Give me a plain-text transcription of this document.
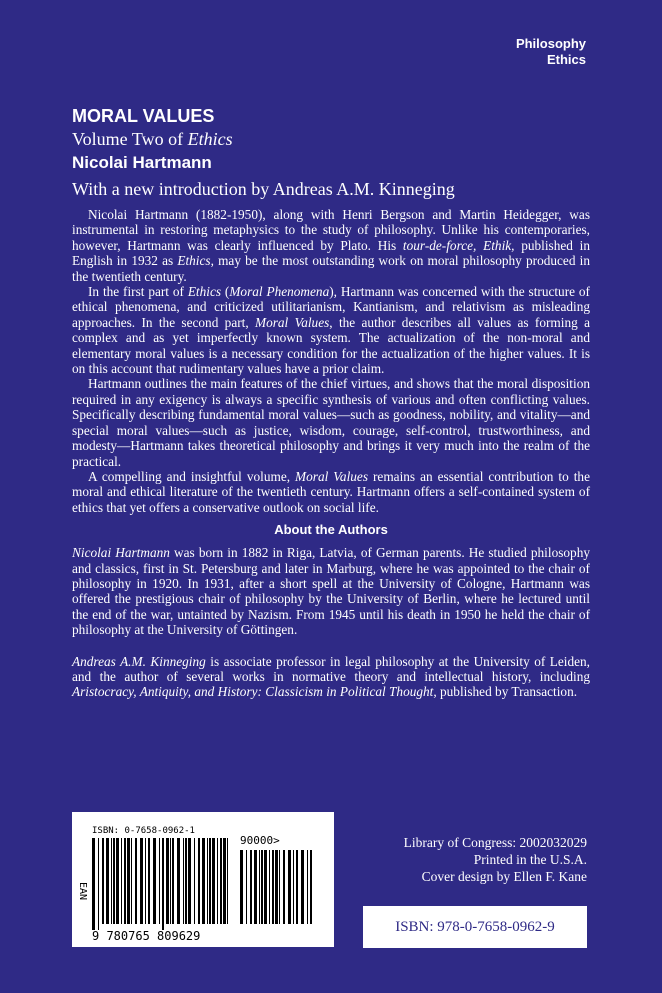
Philosophy
Ethics

MORAL VALUES

Volume Two of Ethics

Nicolai Hartmann

With a new introduction by Andreas A.M. Kinneging

Nicolai Hartmann (1882-1950), along with Henri Bergson and Martin Heidegger, was instrumental in restoring metaphysics to the study of philosophy. Unlike his contemporaries, however, Hartmann was clearly influenced by Plato. His tour-de-force, Ethik, published in English in 1932 as Ethics, may be the most outstanding work on moral philosophy produced in the twentieth century.

In the first part of Ethics (Moral Phenomena), Hartmann was concerned with the structure of ethical phenomena, and criticized utilitarianism, Kantianism, and relativism as misleading approaches. In the second part, Moral Values, the author describes all values as forming a complex and as yet imperfectly known system. The actualization of the non-moral and elementary moral values is a necessary condition for the actualization of the higher values. It is on this account that rudimentary values have a prior claim.

Hartmann outlines the main features of the chief virtues, and shows that the moral disposition required in any exigency is always a specific synthesis of various and often conflicting values. Specifically describing fundamental moral values—such as goodness, nobility, and vitality—and special moral values—such as justice, wisdom, courage, self-control, trustworthiness, and modesty—Hartmann takes theoretical philosophy and brings it very much into the realm of the practical.

A compelling and insightful volume, Moral Values remains an essential contribution to the moral and ethical literature of the twentieth century. Hartmann offers a self-contained system of ethics that yet offers a conservative outlook on social life.

About the Authors

Nicolai Hartmann was born in 1882 in Riga, Latvia, of German parents. He studied philosophy and classics, first in St. Petersburg and later in Marburg, where he was appointed to the chair of philosophy in 1920. In 1931, after a short spell at the University of Cologne, Hartmann was offered the prestigious chair of philosophy by the University of Berlin, where he lectured until the end of the war, untainted by Nazism. From 1945 until his death in 1950 he held the chair of philosophy at the University of Göttingen.

Andreas A.M. Kinneging is associate professor in legal philosophy at the University of Leiden, and the author of several works in normative theory and intellectual history, including Aristocracy, Antiquity, and History: Classicism in Political Thought, published by Transaction.

ISBN: 0-7658-0962-1
90000>
EAN
9 780765 809629
Library of Congress: 2002032029
Printed in the U.S.A.
Cover design by Ellen F. Kane
ISBN: 978-0-7658-0962-9
